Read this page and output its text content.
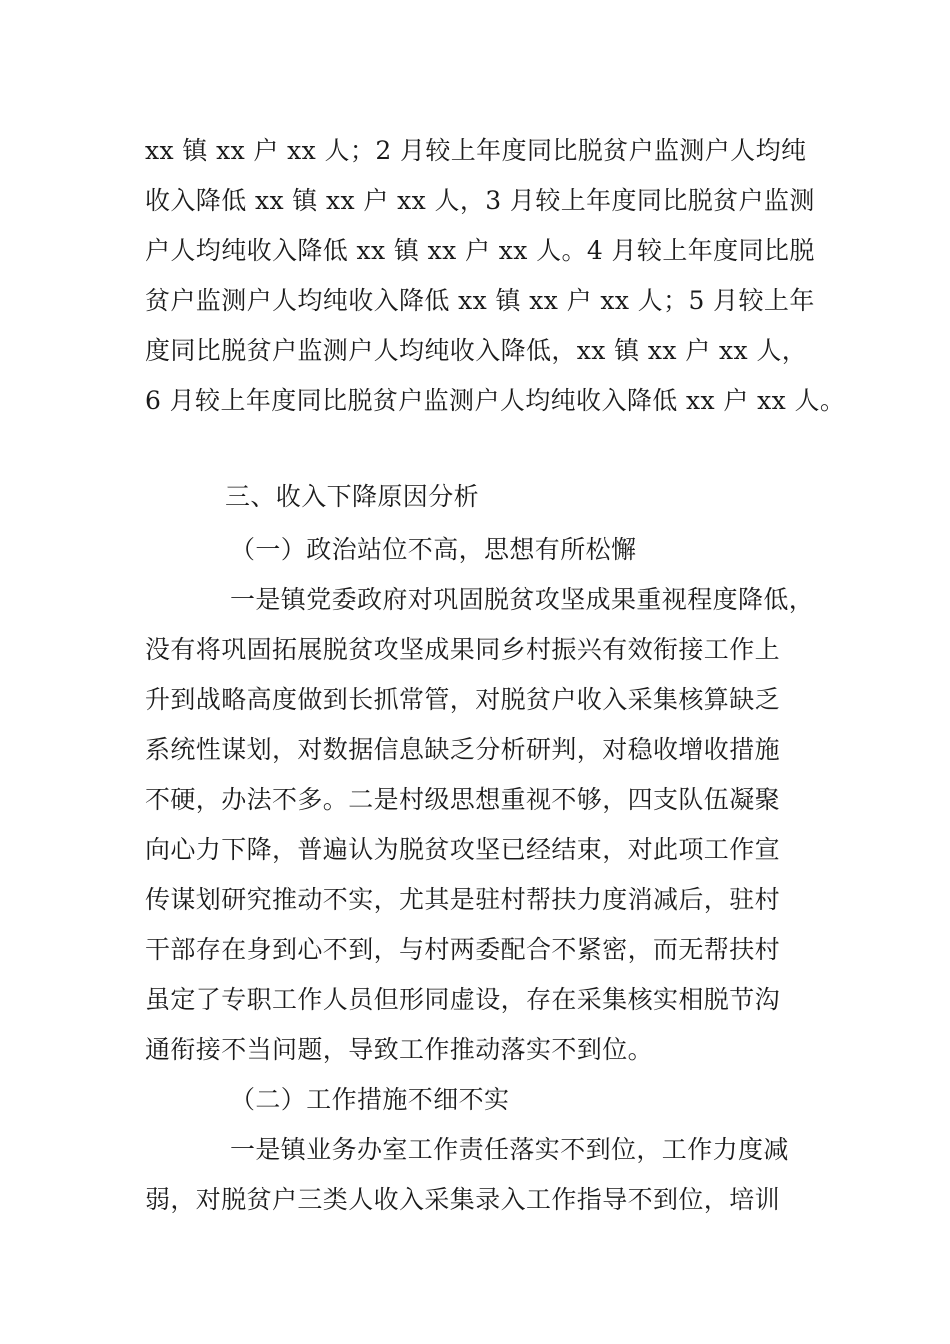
xx 镇 xx 户 xx 人；2 月较上年度同比脱贫户监测户人均纯
收入降低 xx 镇 xx 户 xx 人，3 月较上年度同比脱贫户监测
户人均纯收入降低 xx 镇 xx 户 xx 人。4 月较上年度同比脱
贫户监测户人均纯收入降低 xx 镇 xx 户 xx 人；5 月较上年
度同比脱贫户监测户人均纯收入降低，xx 镇 xx 户 xx 人，
6 月较上年度同比脱贫户监测户人均纯收入降低 xx 户 xx 人。
三、收入下降原因分析
（一）政治站位不高，思想有所松懈
一是镇党委政府对巩固脱贫攻坚成果重视程度降低，
没有将巩固拓展脱贫攻坚成果同乡村振兴有效衔接工作上
升到战略高度做到长抓常管，对脱贫户收入采集核算缺乏
系统性谋划，对数据信息缺乏分析研判，对稳收增收措施
不硬，办法不多。二是村级思想重视不够，四支队伍凝聚
向心力下降，普遍认为脱贫攻坚已经结束，对此项工作宣
传谋划研究推动不实，尤其是驻村帮扶力度消减后，驻村
干部存在身到心不到，与村两委配合不紧密，而无帮扶村
虽定了专职工作人员但形同虚设，存在采集核实相脱节沟
通衔接不当问题，导致工作推动落实不到位。
（二）工作措施不细不实
一是镇业务办室工作责任落实不到位，工作力度减
弱，对脱贫户三类人收入采集录入工作指导不到位，培训
